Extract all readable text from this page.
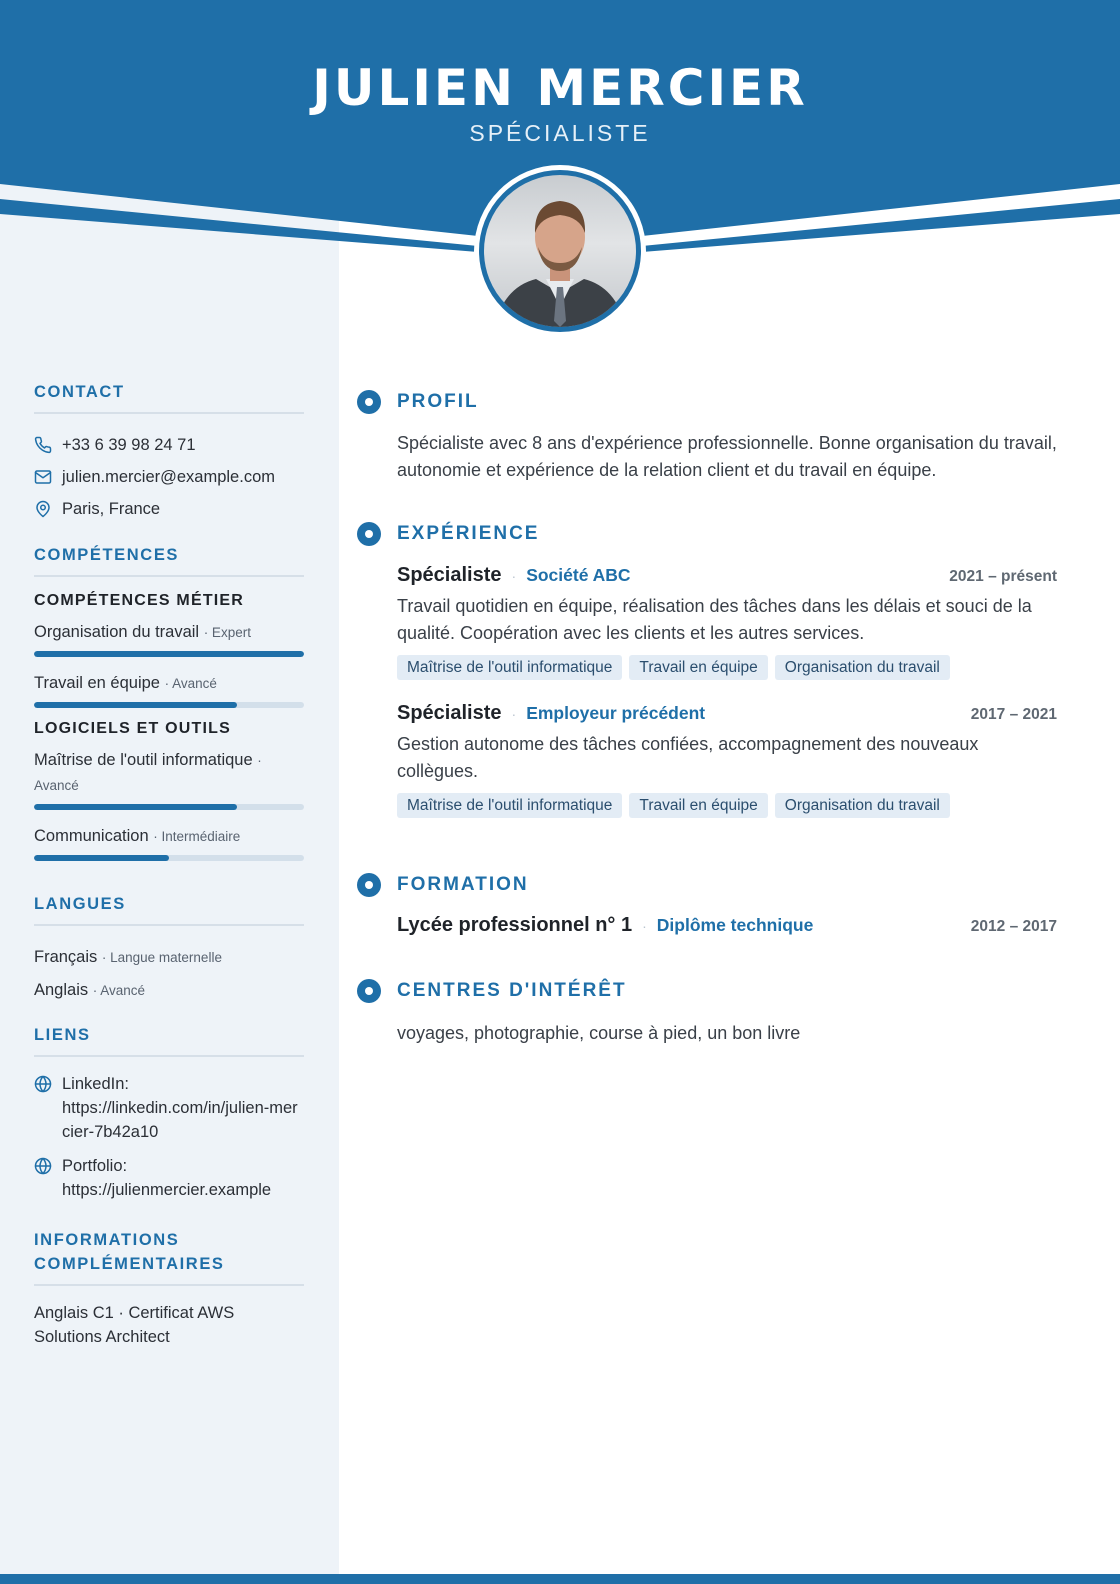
JULIEN MERCIER
SPÉCIALISTE
CONTACT
+33 6 39 98 24 71
julien.mercier@example.com
Paris, France
COMPÉTENCES
COMPÉTENCES MÉTIER
Organisation du travail · Expert
Travail en équipe · Avancé
LOGICIELS ET OUTILS
Maîtrise de l'outil informatique · Avancé
Communication · Intermédiaire
LANGUES
Français · Langue maternelle
Anglais · Avancé
LIENS
LinkedIn:
https://linkedin.com/in/julien-mercier-7b42a10
Portfolio:
https://julienmercier.example
INFORMATIONS COMPLÉMENTAIRES
Anglais C1 · Certificat AWS Solutions Architect
PROFIL
Spécialiste avec 8 ans d'expérience professionnelle. Bonne organisation du travail, autonomie et expérience de la relation client et du travail en équipe.
EXPÉRIENCE
Spécialiste · Société ABC	2021 – présent
Travail quotidien en équipe, réalisation des tâches dans les délais et souci de la qualité. Coopération avec les clients et les autres services.
Maîtrise de l'outil informatique	Travail en équipe	Organisation du travail
Spécialiste · Employeur précédent	2017 – 2021
Gestion autonome des tâches confiées, accompagnement des nouveaux collègues.
Maîtrise de l'outil informatique	Travail en équipe	Organisation du travail
FORMATION
Lycée professionnel n° 1 · Diplôme technique	2012 – 2017
CENTRES D'INTÉRÊT
voyages, photographie, course à pied, un bon livre
